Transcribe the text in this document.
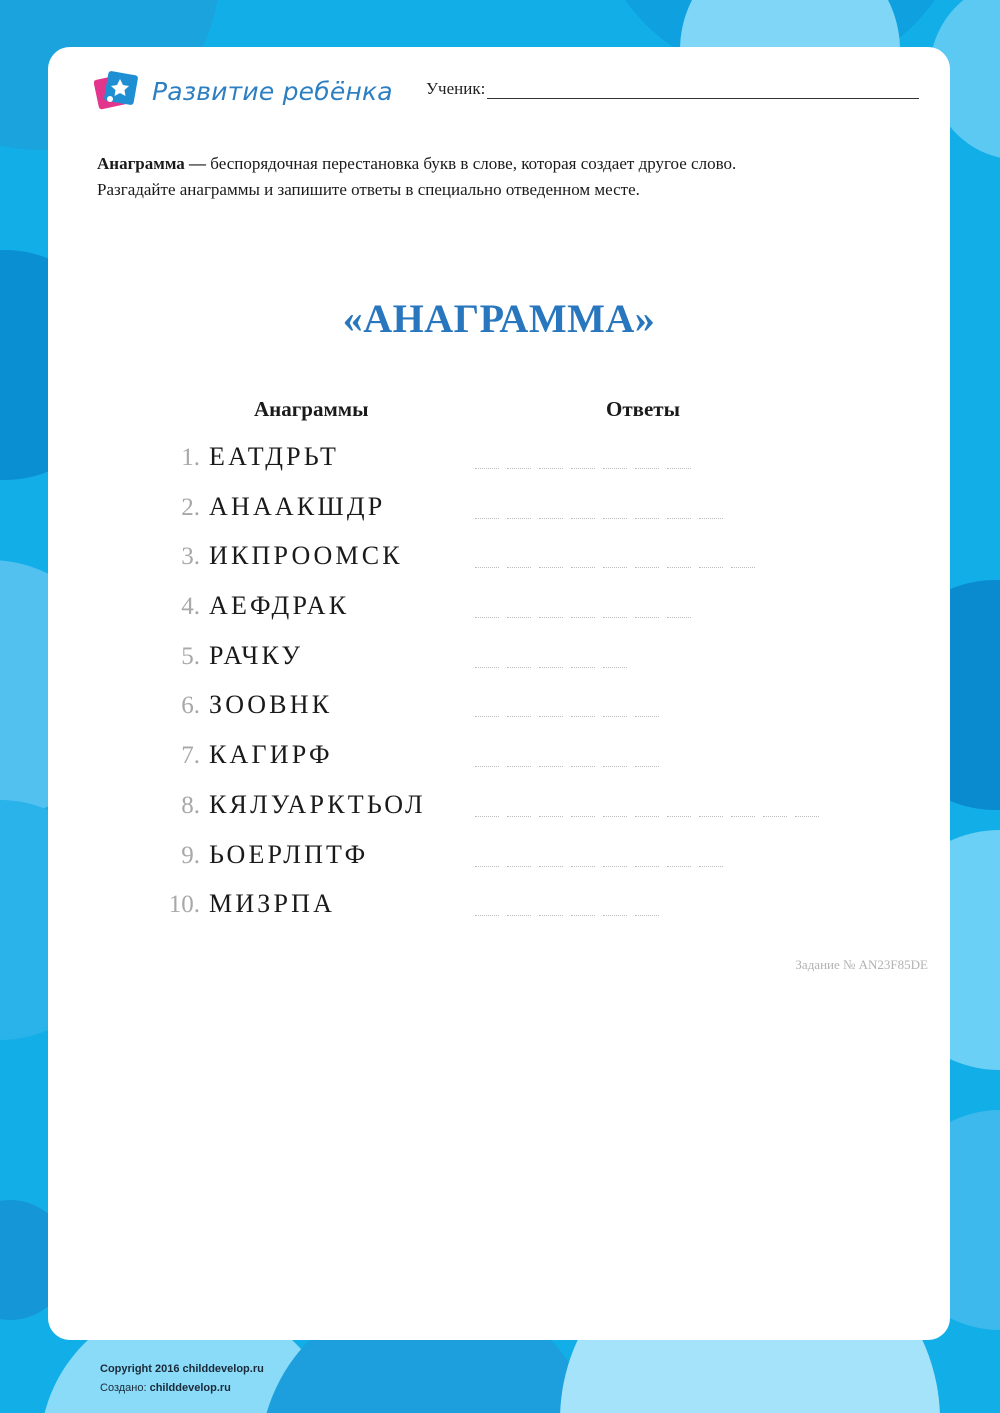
Развитие ребёнка Ученик:

Анаграмма — беспорядочная перестановка букв в слове, которая создает другое слово.

Разгадайте анаграммы и запишите ответы в специально отведенном месте.

«АНАГРАММА»
Анаграммы	Ответы
1. ЕАТДРЬТ
2. АНААКШДР
3. ИКПРООМСК
4. АЕФДРАК
5. РАЧКУ
6. ЗООВНК
7. КАГИРФ
8. КЯЛУАРКТЬОЛ
9. ЬОЕРЛПТФ
10. МИЗРПА
Задание № AN23F85DE
Copyright 2016 childdevelop.ru
Создано: childdevelop.ru
